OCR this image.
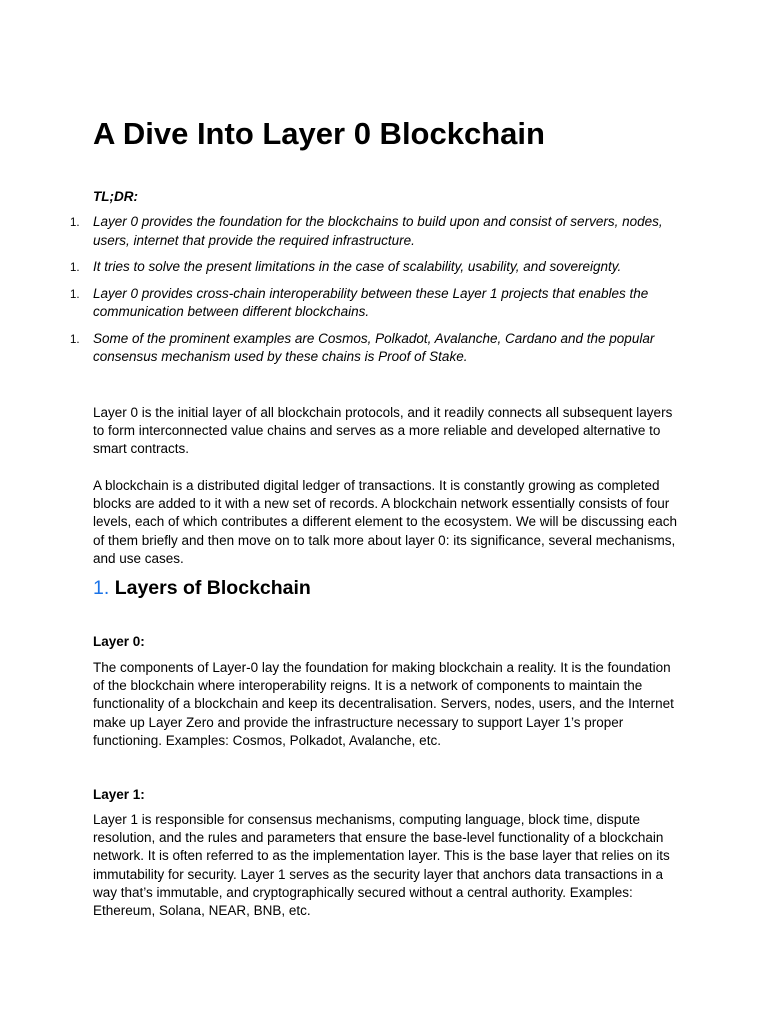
A Dive Into Layer 0 Blockchain
TL;DR:
1. Layer 0 provides the foundation for the blockchains to build upon and consist of servers, nodes, users, internet that provide the required infrastructure.
1. It tries to solve the present limitations in the case of scalability, usability, and sovereignty.
1. Layer 0 provides cross-chain interoperability between these Layer 1 projects that enables the communication between different blockchains.
1. Some of the prominent examples are Cosmos, Polkadot, Avalanche, Cardano and the popular consensus mechanism used by these chains is Proof of Stake.

Layer 0 is the initial layer of all blockchain protocols, and it readily connects all subsequent layers to form interconnected value chains and serves as a more reliable and developed alternative to smart contracts.

A blockchain is a distributed digital ledger of transactions. It is constantly growing as completed blocks are added to it with a new set of records. A blockchain network essentially consists of four levels, each of which contributes a different element to the ecosystem. We will be discussing each of them briefly and then move on to talk more about layer 0: its significance, several mechanisms, and use cases.

1. Layers of Blockchain
Layer 0:

The components of Layer-0 lay the foundation for making blockchain a reality. It is the foundation of the blockchain where interoperability reigns. It is a network of components to maintain the functionality of a blockchain and keep its decentralisation. Servers, nodes, users, and the Internet make up Layer Zero and provide the infrastructure necessary to support Layer 1’s proper functioning. Examples: Cosmos, Polkadot, Avalanche, etc.

Layer 1:

Layer 1 is responsible for consensus mechanisms, computing language, block time, dispute resolution, and the rules and parameters that ensure the base-level functionality of a blockchain network. It is often referred to as the implementation layer. This is the base layer that relies on its immutability for security. Layer 1 serves as the security layer that anchors data transactions in a way that’s immutable, and cryptographically secured without a central authority. Examples: Ethereum, Solana, NEAR, BNB, etc.
